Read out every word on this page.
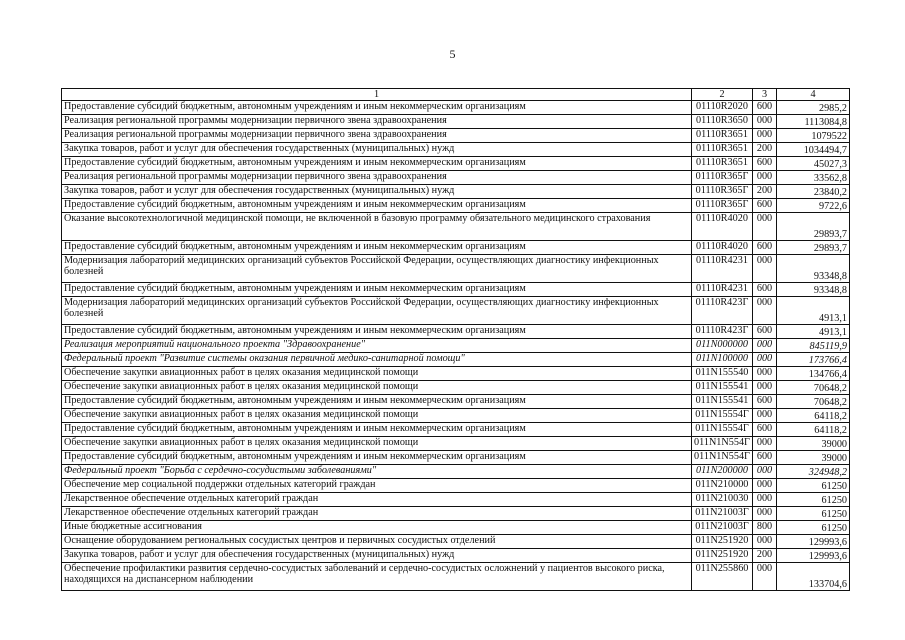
5
1	2	3	4
Предоставление субсидий бюджетным, автономным учреждениям и иным некоммерческим организациям	01110R2020	600	2985,2
Реализация региональной программы модернизации первичного звена здравоохранения	01110R3650	000	1113084,8
Реализация региональной программы модернизации первичного звена здравоохранения	01110R3651	000	1079522
Закупка товаров, работ и услуг для обеспечения государственных (муниципальных) нужд	01110R3651	200	1034494,7
Предоставление субсидий бюджетным, автономным учреждениям и иным некоммерческим организациям	01110R3651	600	45027,3
Реализация региональной программы модернизации первичного звена здравоохранения	01110R365Г	000	33562,8
Закупка товаров, работ и услуг для обеспечения государственных (муниципальных) нужд	01110R365Г	200	23840,2
Предоставление субсидий бюджетным, автономным учреждениям и иным некоммерческим организациям	01110R365Г	600	9722,6
Оказание высокотехнологичной медицинской помощи, не включенной в базовую программу обязательного медицинского страхования	01110R4020	000	29893,7
Предоставление субсидий бюджетным, автономным учреждениям и иным некоммерческим организациям	01110R4020	600	29893,7
Модернизация лабораторий медицинских организаций субъектов Российской Федерации, осуществляющих диагностику инфекционных болезней	01110R4231	000	93348,8
Предоставление субсидий бюджетным, автономным учреждениям и иным некоммерческим организациям	01110R4231	600	93348,8
Модернизация лабораторий медицинских организаций субъектов Российской Федерации, осуществляющих диагностику инфекционных болезней	01110R423Г	000	4913,1
Предоставление субсидий бюджетным, автономным учреждениям и иным некоммерческим организациям	01110R423Г	600	4913,1
Реализация мероприятий национального проекта "Здравоохранение"	011N000000	000	845119,9
Федеральный проект "Развитие системы оказания первичной медико-санитарной помощи"	011N100000	000	173766,4
Обеспечение закупки авиационных работ в целях оказания медицинской помощи	011N155540	000	134766,4
Обеспечение закупки авиационных работ в целях оказания медицинской помощи	011N155541	000	70648,2
Предоставление субсидий бюджетным, автономным учреждениям и иным некоммерческим организациям	011N155541	600	70648,2
Обеспечение закупки авиационных работ в целях оказания медицинской помощи	011N15554Г	000	64118,2
Предоставление субсидий бюджетным, автономным учреждениям и иным некоммерческим организациям	011N15554Г	600	64118,2
Обеспечение закупки авиационных работ в целях оказания медицинской помощи	011N1N554Г	000	39000
Предоставление субсидий бюджетным, автономным учреждениям и иным некоммерческим организациям	011N1N554Г	600	39000
Федеральный проект "Борьба с сердечно-сосудистыми заболеваниями"	011N200000	000	324948,2
Обеспечение мер социальной поддержки отдельных категорий граждан	011N210000	000	61250
Лекарственное обеспечение отдельных категорий граждан	011N210030	000	61250
Лекарственное обеспечение отдельных категорий граждан	011N21003Г	000	61250
Иные бюджетные ассигнования	011N21003Г	800	61250
Оснащение оборудованием региональных сосудистых центров и первичных сосудистых отделений	011N251920	000	129993,6
Закупка товаров, работ и услуг для обеспечения государственных (муниципальных) нужд	011N251920	200	129993,6
Обеспечение профилактики развития сердечно-сосудистых заболеваний и сердечно-сосудистых осложнений у пациентов высокого риска, находящихся на диспансерном наблюдении	011N255860	000	133704,6
